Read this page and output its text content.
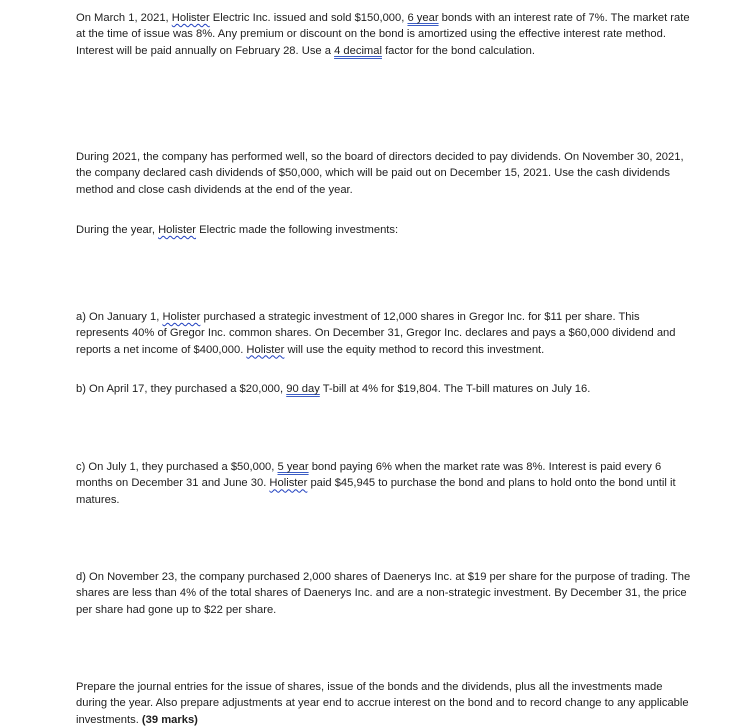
On March 1, 2021, Holister Electric Inc. issued and sold $150,000, 6 year bonds with an interest rate of 7%. The market rate at the time of issue was 8%. Any premium or discount on the bond is amortized using the effective interest rate method. Interest will be paid annually on February 28. Use a 4 decimal factor for the bond calculation.

During 2021, the company has performed well, so the board of directors decided to pay dividends. On November 30, 2021, the company declared cash dividends of $50,000, which will be paid out on December 15, 2021. Use the cash dividends method and close cash dividends at the end of the year.

During the year, Holister Electric made the following investments:

a) On January 1, Holister purchased a strategic investment of 12,000 shares in Gregor Inc. for $11 per share. This represents 40% of Gregor Inc. common shares. On December 31, Gregor Inc. declares and pays a $60,000 dividend and reports a net income of $400,000. Holister will use the equity method to record this investment.

b) On April 17, they purchased a $20,000, 90 day T-bill at 4% for $19,804. The T-bill matures on July 16.

c) On July 1, they purchased a $50,000, 5 year bond paying 6% when the market rate was 8%. Interest is paid every 6 months on December 31 and June 30. Holister paid $45,945 to purchase the bond and plans to hold onto the bond until it matures.

d) On November 23, the company purchased 2,000 shares of Daenerys Inc. at $19 per share for the purpose of trading. The shares are less than 4% of the total shares of Daenerys Inc. and are a non-strategic investment. By December 31, the price per share had gone up to $22 per share.

Prepare the journal entries for the issue of shares, issue of the bonds and the dividends, plus all the investments made during the year. Also prepare adjustments at year end to accrue interest on the bond and to record change to any applicable investments. (39 marks)
